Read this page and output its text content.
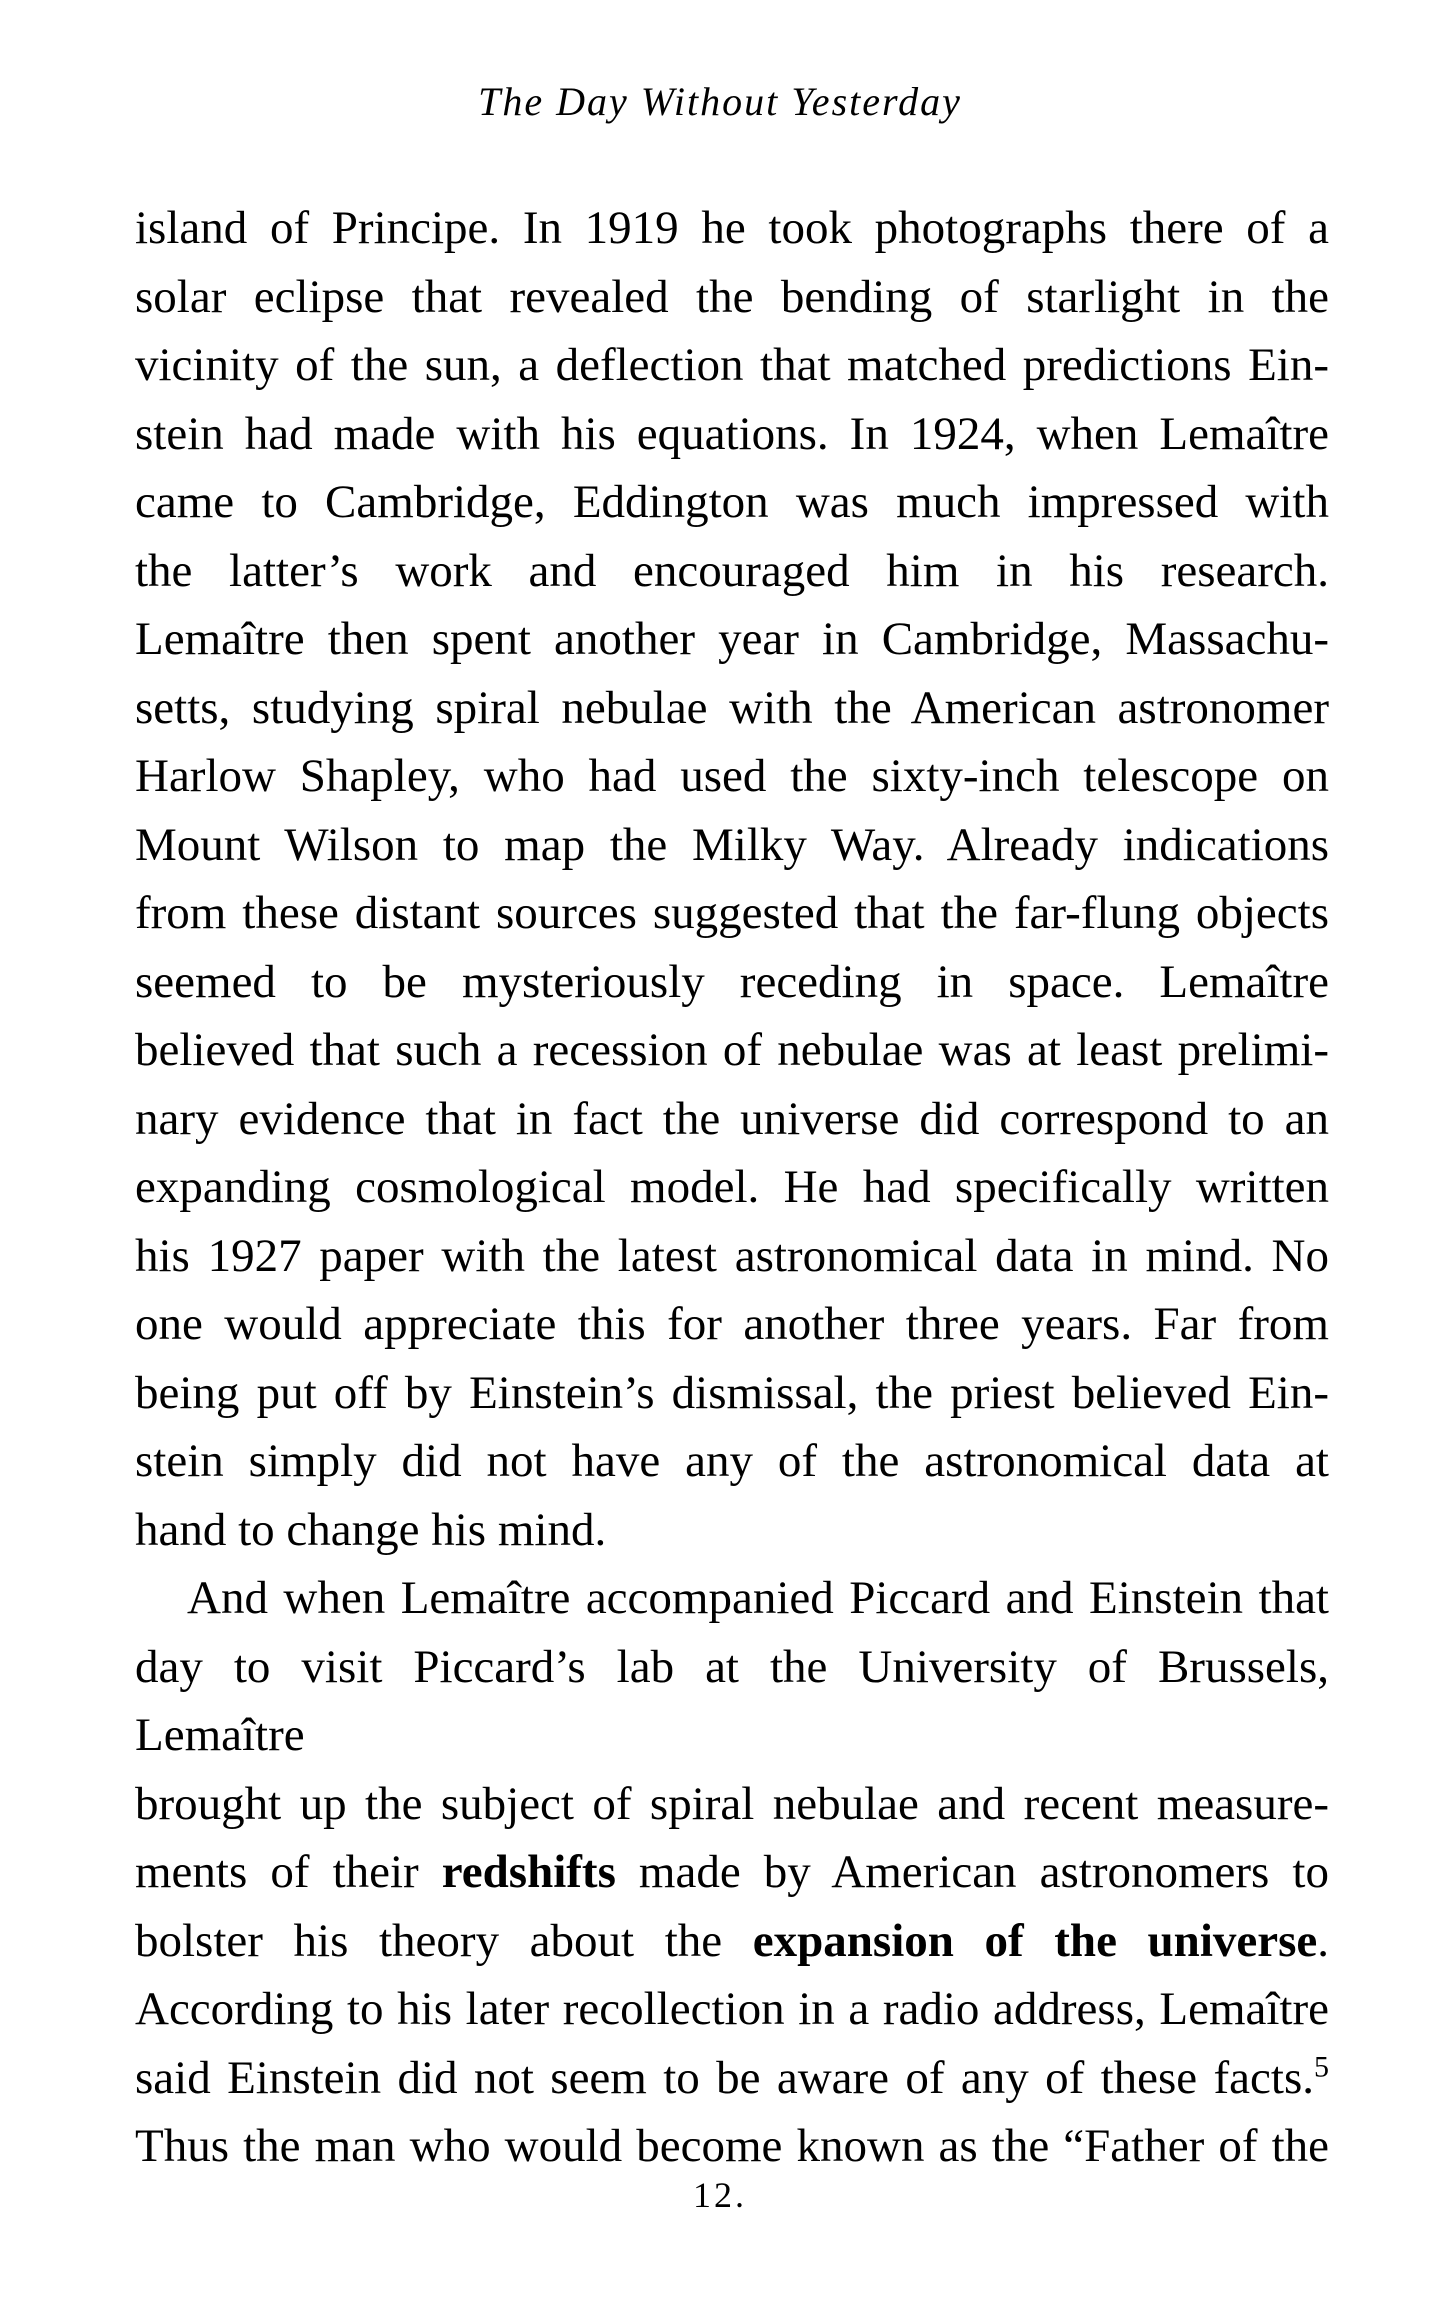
The Day Without Yesterday

island of Principe. In 1919 he took photographs there of a

solar eclipse that revealed the bending of starlight in the

vicinity of the sun, a deflection that matched predictions Ein-

stein had made with his equations. In 1924, when Lemaître

came to Cambridge, Eddington was much impressed with

the latter’s work and encouraged him in his research.

Lemaître then spent another year in Cambridge, Massachu-

setts, studying spiral nebulae with the American astronomer

Harlow Shapley, who had used the sixty-inch telescope on

Mount Wilson to map the Milky Way. Already indications

from these distant sources suggested that the far-flung objects

seemed to be mysteriously receding in space. Lemaître

believed that such a recession of nebulae was at least prelimi-

nary evidence that in fact the universe did correspond to an

expanding cosmological model. He had specifically written

his 1927 paper with the latest astronomical data in mind. No

one would appreciate this for another three years. Far from

being put off by Einstein’s dismissal, the priest believed Ein-

stein simply did not have any of the astronomical data at

hand to change his mind.

And when Lemaître accompanied Piccard and Einstein that

day to visit Piccard’s lab at the University of Brussels, Lemaître

brought up the subject of spiral nebulae and recent measure-

ments of their redshifts made by American astronomers to

bolster his theory about the expansion of the universe.

According to his later recollection in a radio address, Lemaître

said Einstein did not seem to be aware of any of these facts.$^5$

Thus the man who would become known as the “Father of the

12.
